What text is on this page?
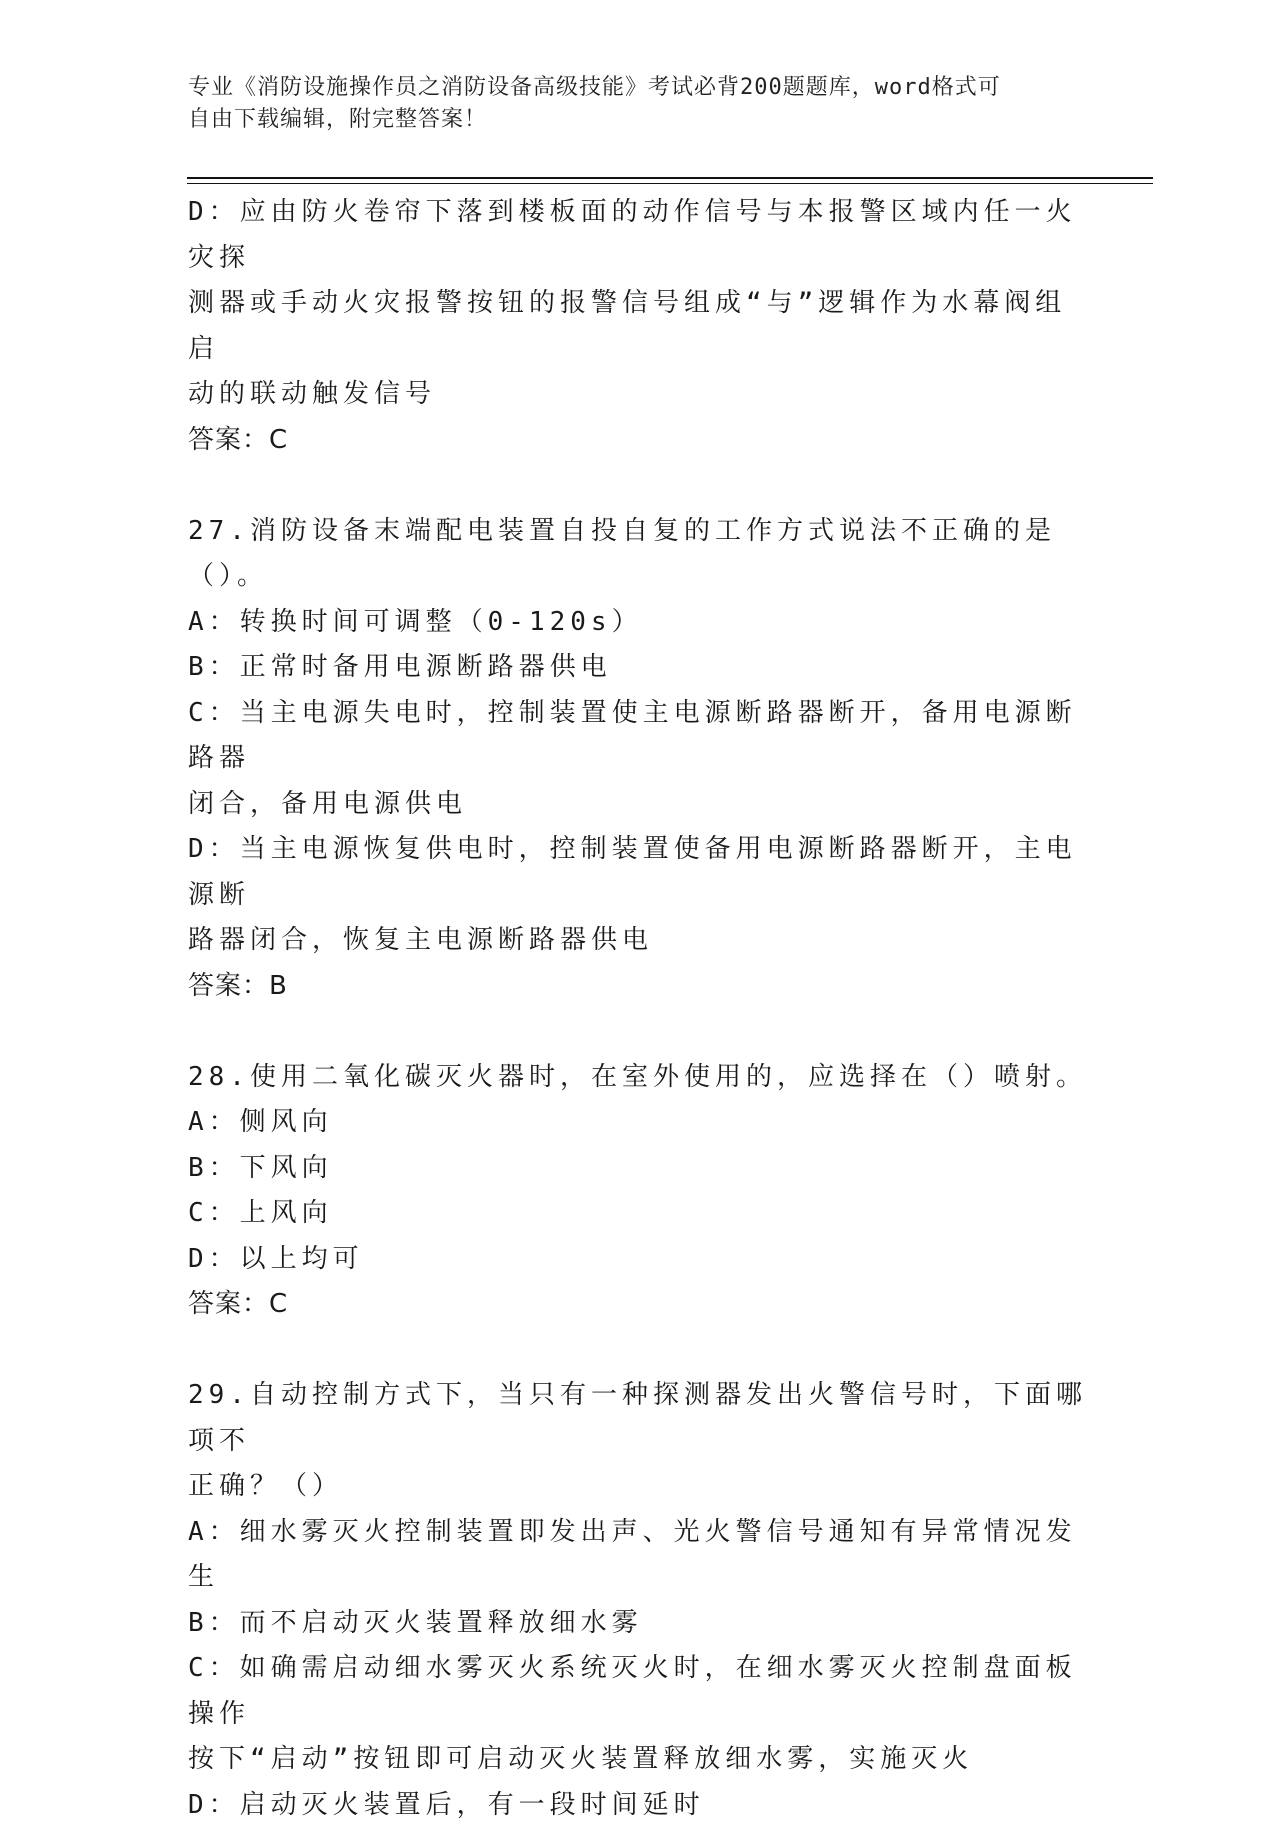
专业《消防设施操作员之消防设备高级技能》考试必背200题题库，word格式可
自由下载编辑，附完整答案！
D：应由防火卷帘下落到楼板面的动作信号与本报警区域内任一火灾探
测器或手动火灾报警按钮的报警信号组成“与”逻辑作为水幕阀组启
动的联动触发信号
答案：C
27.消防设备末端配电装置自投自复的工作方式说法不正确的是（）。
A：转换时间可调整（0-120s）
B：正常时备用电源断路器供电
C：当主电源失电时，控制装置使主电源断路器断开，备用电源断路器
闭合，备用电源供电
D：当主电源恢复供电时，控制装置使备用电源断路器断开，主电源断
路器闭合，恢复主电源断路器供电
答案：B
28.使用二氧化碳灭火器时，在室外使用的，应选择在（）喷射。
A：侧风向
B：下风向
C：上风向
D：以上均可
答案：C
29.自动控制方式下，当只有一种探测器发出火警信号时，下面哪项不
正确？（）
A：细水雾灭火控制装置即发出声、光火警信号通知有异常情况发生
B：而不启动灭火装置释放细水雾
C：如确需启动细水雾灭火系统灭火时，在细水雾灭火控制盘面板操作
按下“启动”按钮即可启动灭火装置释放细水雾，实施灭火
D：启动灭火装置后，有一段时间延时
